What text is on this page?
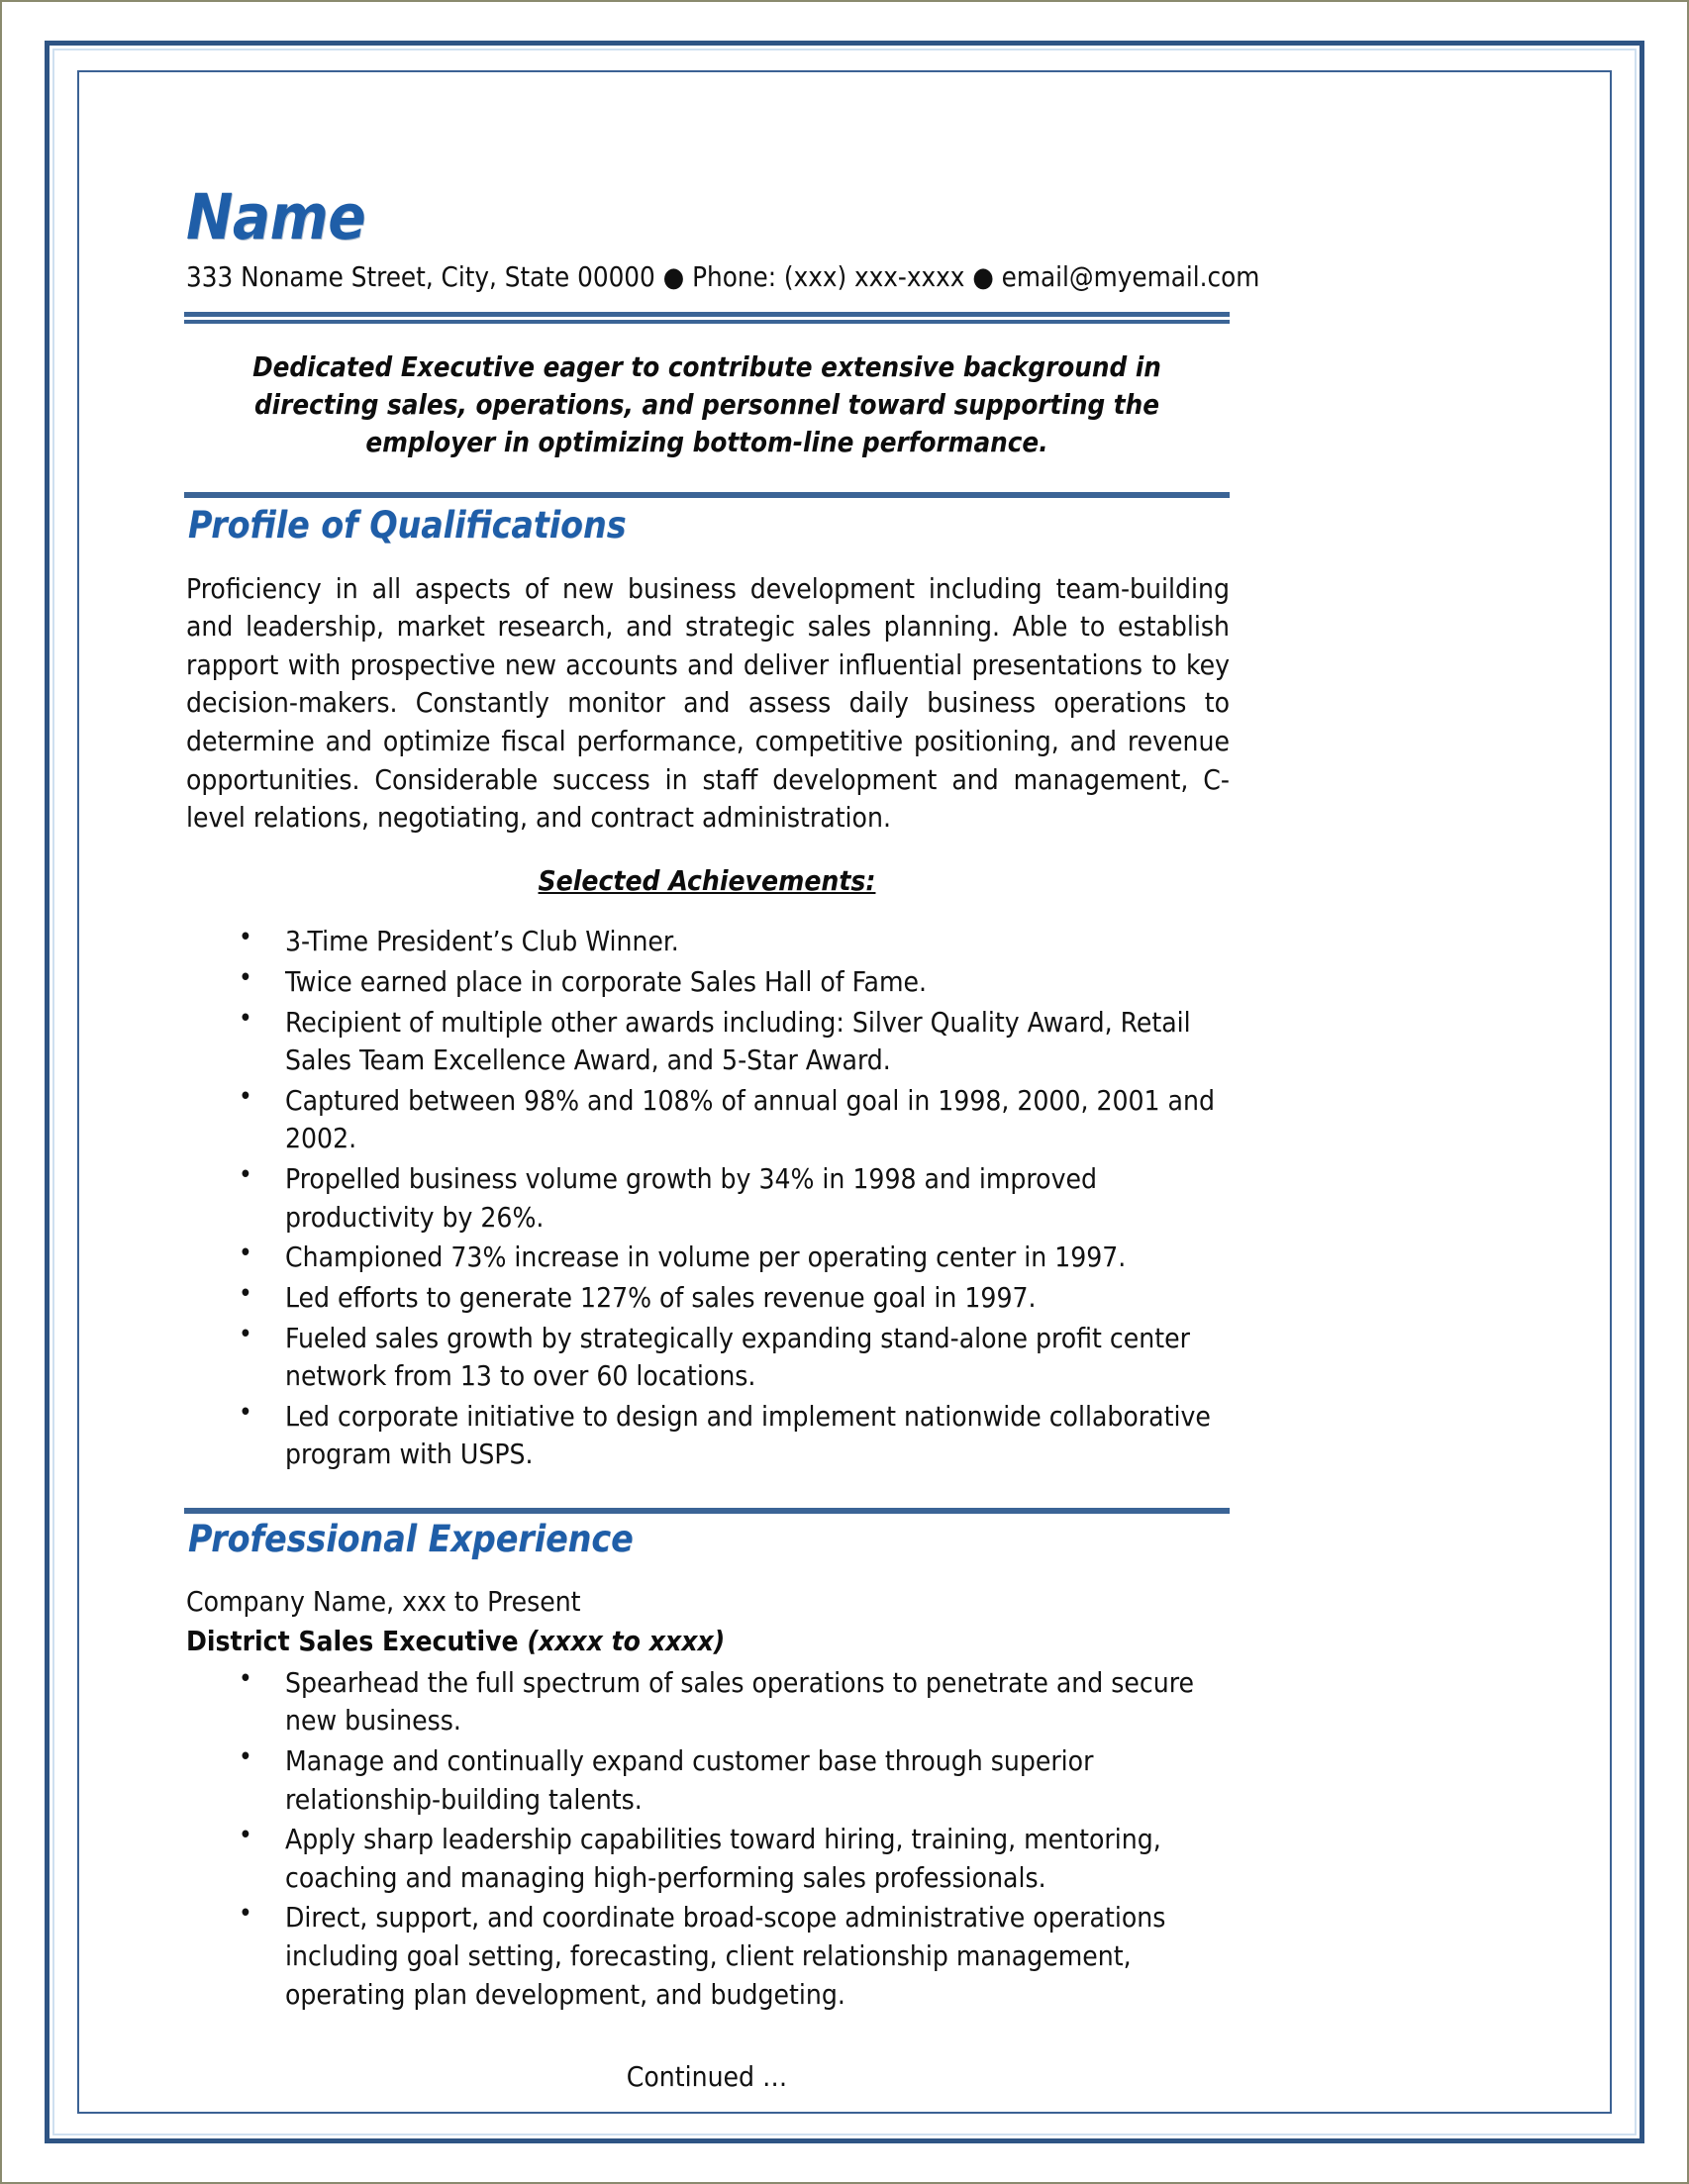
Name
333 Noname Street, City, State 00000 ● Phone: (xxx) xxx-xxxx ● email@myemail.com
Dedicated Executive eager to contribute extensive background in directing sales, operations, and personnel toward supporting the employer in optimizing bottom-line performance.
Profile of Qualifications

Proficiency in all aspects of new business development including team-building and leadership, market research, and strategic sales planning. Able to establish rapport with prospective new accounts and deliver influential presentations to key decision-makers. Constantly monitor and assess daily business operations to determine and optimize fiscal performance, competitive positioning, and revenue opportunities. Considerable success in staff development and management, C-level relations, negotiating, and contract administration.

Selected Achievements:
• 3-Time President’s Club Winner.
• Twice earned place in corporate Sales Hall of Fame.
• Recipient of multiple other awards including: Silver Quality Award, Retail Sales Team Excellence Award, and 5-Star Award.
• Captured between 98% and 108% of annual goal in 1998, 2000, 2001 and 2002.
• Propelled business volume growth by 34% in 1998 and improved productivity by 26%.
• Championed 73% increase in volume per operating center in 1997.
• Led efforts to generate 127% of sales revenue goal in 1997.
• Fueled sales growth by strategically expanding stand-alone profit center network from 13 to over 60 locations.
• Led corporate initiative to design and implement nationwide collaborative program with USPS.
Professional Experience
Company Name, xxx to Present
District Sales Executive (xxxx to xxxx)
• Spearhead the full spectrum of sales operations to penetrate and secure new business.
• Manage and continually expand customer base through superior relationship-building talents.
• Apply sharp leadership capabilities toward hiring, training, mentoring, coaching and managing high-performing sales professionals.
• Direct, support, and coordinate broad-scope administrative operations including goal setting, forecasting, client relationship management, operating plan development, and budgeting.
Continued …
